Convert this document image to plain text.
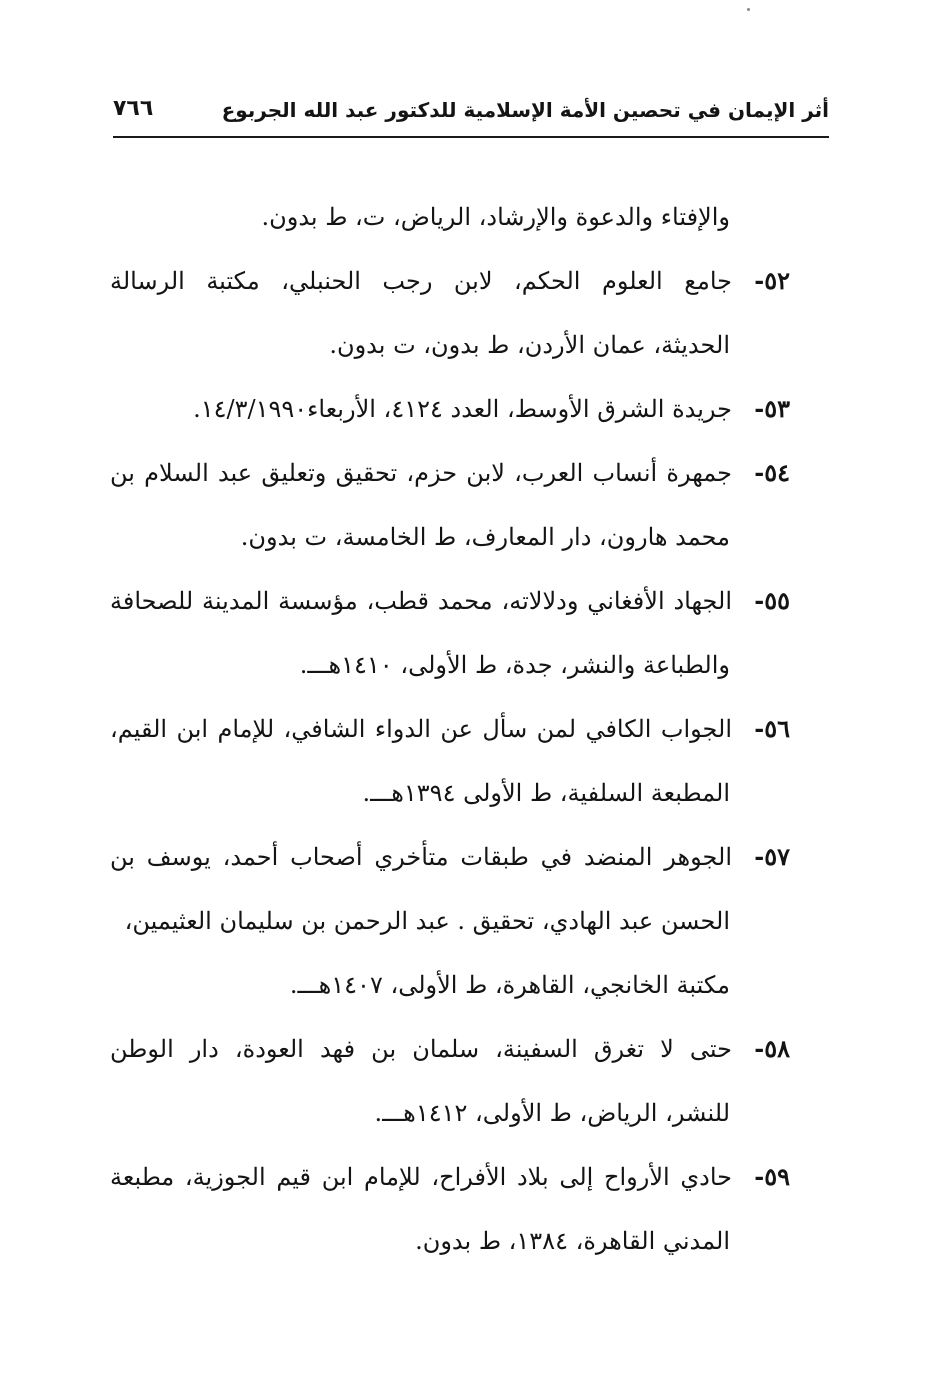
أثر الإيمان في تحصين الأمة الإسلامية للدكتور عبد الله الجربوع
٧٦٦
والإفتاء والدعوة والإرشاد، الرياض، ت، ط بدون.
٥٢-جامع العلوم الحكم، لابن رجب الحنبلي، مكتبة الرسالة
الحديثة، عمان الأردن، ط بدون، ت بدون.
٥٣-جريدة الشرق الأوسط، العدد ٤١٢٤، الأربعاء١٤/٣/١٩٩٠.
٥٤-جمهرة أنساب العرب، لابن حزم، تحقيق وتعليق عبد السلام بن
محمد هارون، دار المعارف، ط الخامسة، ت بدون.
٥٥-الجهاد الأفغاني ودلالاته، محمد قطب، مؤسسة المدينة للصحافة
والطباعة والنشر، جدة، ط الأولى، ١٤١٠هـــ.
٥٦-الجواب الكافي لمن سأل عن الدواء الشافي، للإمام ابن القيم،
المطبعة السلفية، ط الأولى ١٣٩٤هـــ.
٥٧-الجوهر المنضد في طبقات متأخري أصحاب أحمد، يوسف بن
الحسن عبد الهادي، تحقيق . عبد الرحمن بن سليمان العثيمين،
مكتبة الخانجي، القاهرة، ط الأولى، ١٤٠٧هـــ.
٥٨-حتى لا تغرق السفينة، سلمان بن فهد العودة، دار الوطن
للنشر، الرياض، ط الأولى، ١٤١٢هـــ.
٥٩-حادي الأرواح إلى بلاد الأفراح، للإمام ابن قيم الجوزية، مطبعة
المدني القاهرة، ١٣٨٤، ط بدون.
